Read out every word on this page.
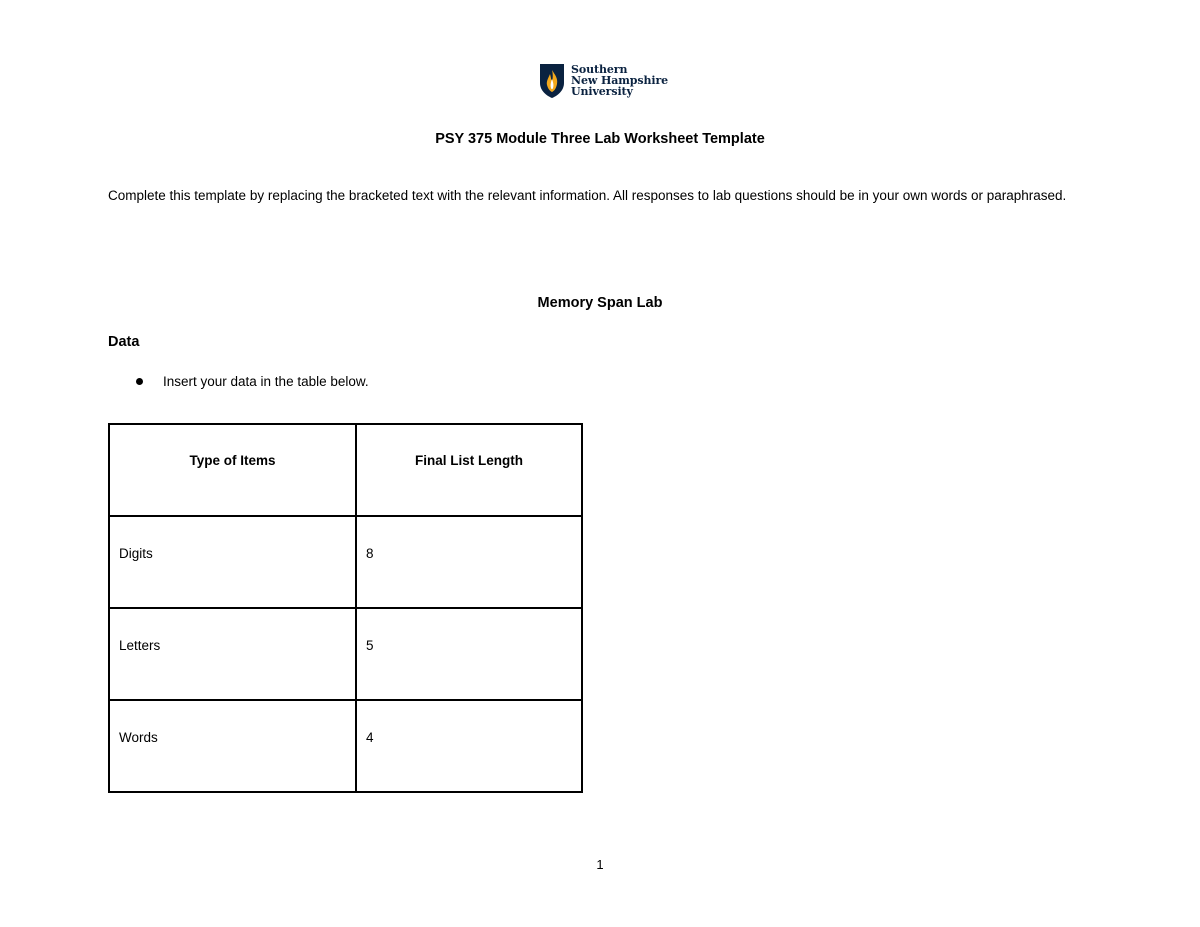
Southern
New Hampshire
University
PSY 375 Module Three Lab Worksheet Template

Complete this template by replacing the bracketed text with the relevant information. All responses to lab questions should be in your own words or paraphrased.

Memory Span Lab
Data
Insert your data in the table below.
Type of Items	Final List Length
Digits	8
Letters	5
Words	4

1
